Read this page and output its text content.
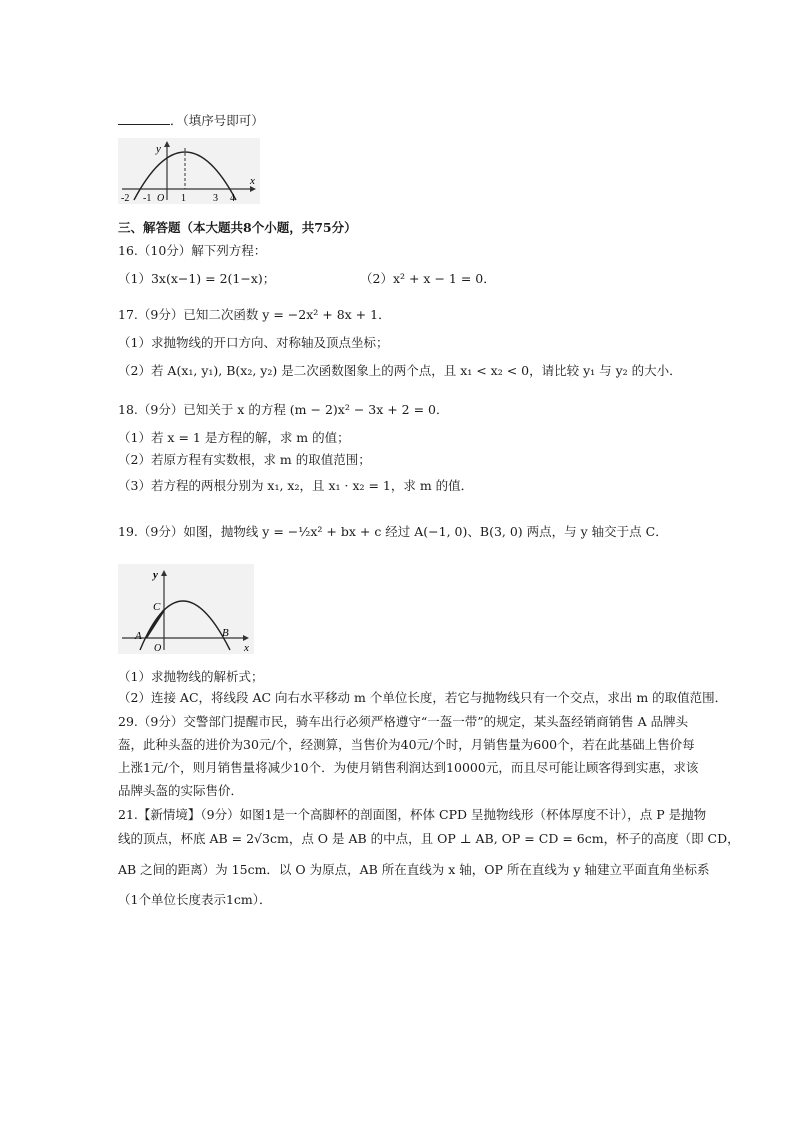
．（填序号即可）
y
x
-2 -1 O 1	3 4
三、解答题（本大题共8个小题，共75分）
16.（10分）解下列方程：
（1）3x(x−1) = 2(1−x)；	（2）x² + x − 1 = 0．
17.（9分）已知二次函数 y = −2x² + 8x + 1．
（1）求抛物线的开口方向、对称轴及顶点坐标；
（2）若 A(x₁, y₁), B(x₂, y₂) 是二次函数图象上的两个点，且 x₁ < x₂ < 0，请比较 y₁ 与 y₂ 的大小．
18.（9分）已知关于 x 的方程 (m − 2)x² − 3x + 2 = 0．
（1）若 x = 1 是方程的解，求 m 的值；
（2）若原方程有实数根，求 m 的取值范围；
（3）若方程的两根分别为 x₁, x₂，且 x₁ · x₂ = 1，求 m 的值．
19.（9分）如图，抛物线 y = −½x² + bx + c 经过 A(−1, 0)、B(3, 0) 两点，与 y 轴交于点 C．
y
x
C
A
O
B
（1）求抛物线的解析式；
（2）连接 AC，将线段 AC 向右水平移动 m 个单位长度，若它与抛物线只有一个交点，求出 m 的取值范围．
29.（9分）交警部门提醒市民，骑车出行必须严格遵守“一盔一带”的规定，某头盔经销商销售 A 品牌头
盔，此种头盔的进价为30元/个，经测算，当售价为40元/个时，月销售量为600个，若在此基础上售价每
上涨1元/个，则月销售量将减少10个．为使月销售利润达到10000元，而且尽可能让顾客得到实惠，求该
品牌头盔的实际售价．
21.【新情境】（9分）如图1是一个高脚杯的剖面图，杯体 CPD 呈抛物线形（杯体厚度不计），点 P 是抛物
线的顶点，杯底 AB = 2√3cm，点 O 是 AB 的中点，且 OP ⊥ AB, OP = CD = 6cm，杯子的高度（即 CD，
AB 之间的距离）为 15cm．以 O 为原点，AB 所在直线为 x 轴，OP 所在直线为 y 轴建立平面直角坐标系
（1个单位长度表示1cm）．
